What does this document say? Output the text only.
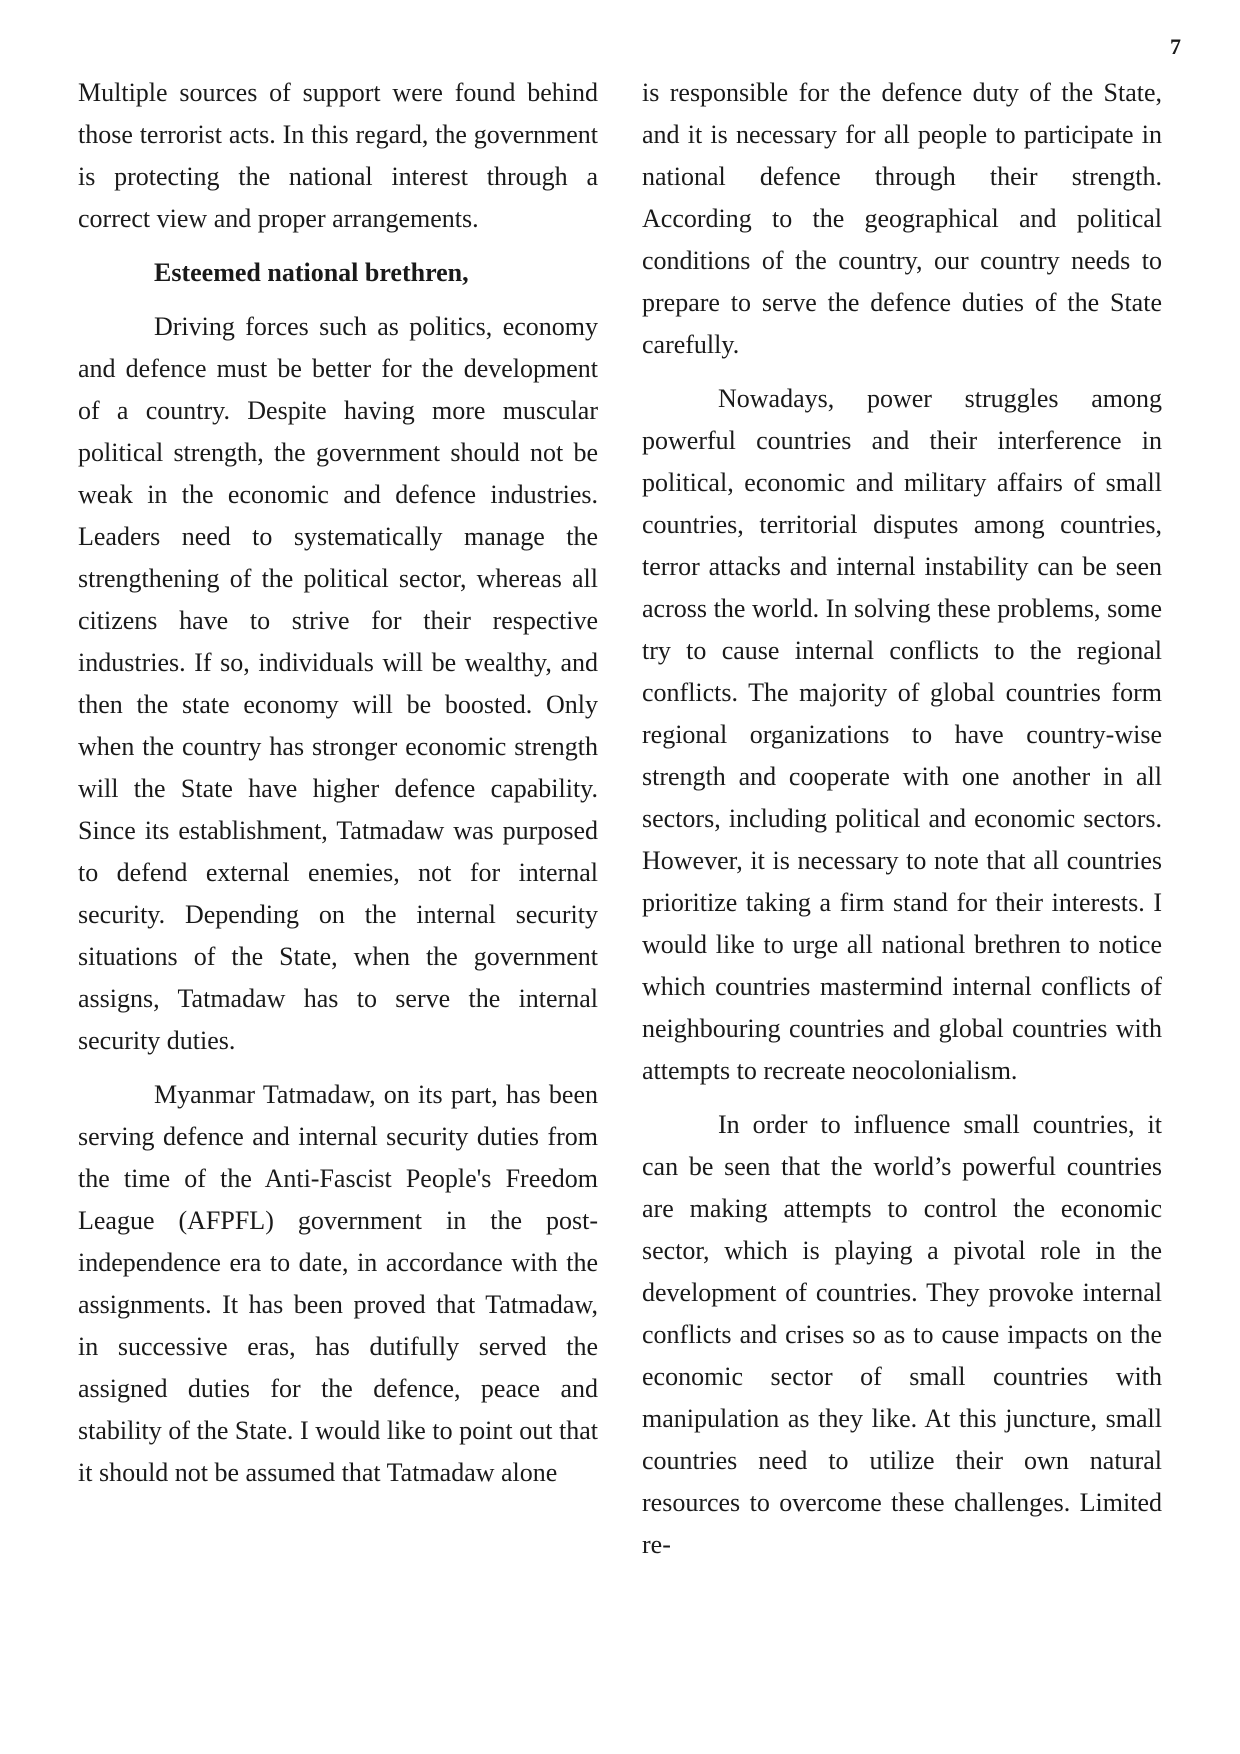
7

Multiple sources of support were found behind those terrorist acts. In this regard, the government is protecting the national interest through a correct view and proper arrangements.

Esteemed national brethren,

Driving forces such as politics, economy and defence must be better for the development of a country. Despite having more muscular political strength, the government should not be weak in the economic and defence industries. Leaders need to systematically manage the strengthening of the political sector, whereas all citizens have to strive for their respective industries. If so, individuals will be wealthy, and then the state economy will be boosted. Only when the country has stronger economic strength will the State have higher defence capability. Since its establishment, Tatmadaw was purposed to defend external enemies, not for internal security. Depending on the internal security situations of the State, when the government assigns, Tatmadaw has to serve the internal security duties.

Myanmar Tatmadaw, on its part, has been serving defence and internal security duties from the time of the Anti-Fascist People's Freedom League (AFPFL) government in the post-independence era to date, in accordance with the assignments. It has been proved that Tatmadaw, in successive eras, has dutifully served the assigned duties for the defence, peace and stability of the State. I would like to point out that it should not be assumed that Tatmadaw alone

is responsible for the defence duty of the State, and it is necessary for all people to participate in national defence through their strength. According to the geographical and political conditions of the country, our country needs to prepare to serve the defence duties of the State carefully.

Nowadays, power struggles among powerful countries and their interference in political, economic and military affairs of small countries, territorial disputes among countries, terror attacks and internal instability can be seen across the world. In solving these problems, some try to cause internal conflicts to the regional conflicts. The majority of global countries form regional organizations to have country-wise strength and cooperate with one another in all sectors, including political and economic sectors. However, it is necessary to note that all countries prioritize taking a firm stand for their interests. I would like to urge all national brethren to notice which countries mastermind internal conflicts of neighbouring countries and global countries with attempts to recreate neocolonialism.

In order to influence small countries, it can be seen that the world’s powerful countries are making attempts to control the economic sector, which is playing a pivotal role in the development of countries. They provoke internal conflicts and crises so as to cause impacts on the economic sector of small countries with manipulation as they like. At this juncture, small countries need to utilize their own natural resources to overcome these challenges. Limited re-
